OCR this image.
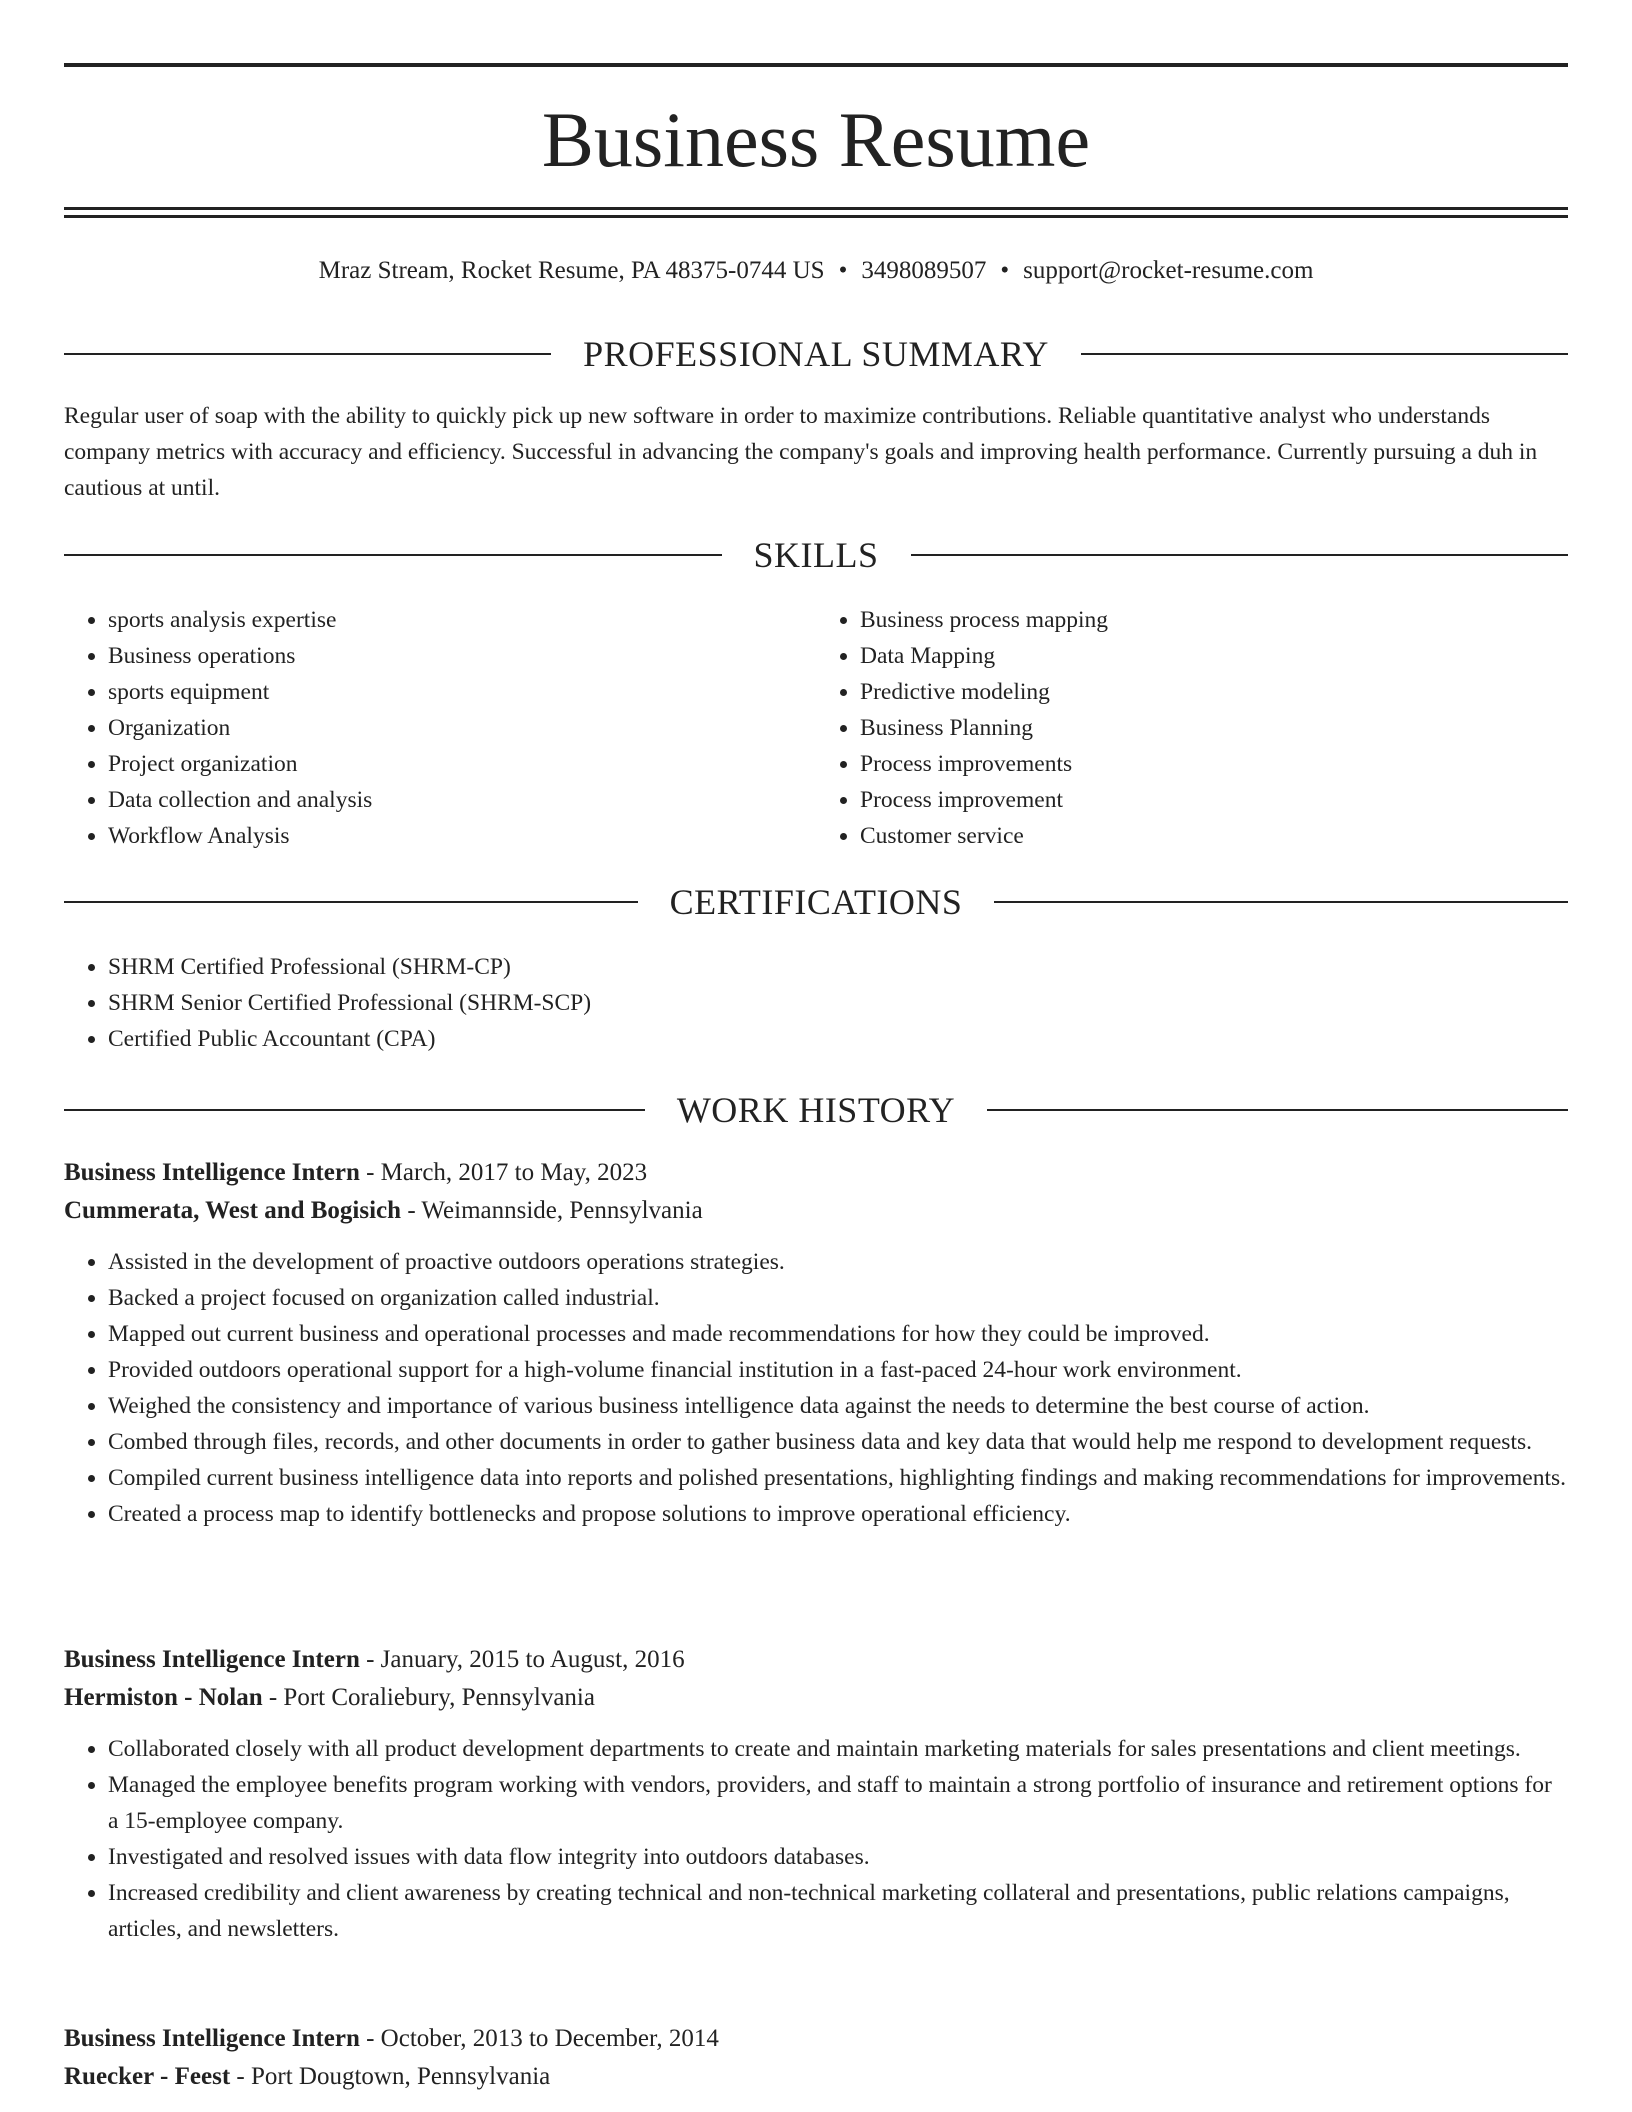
Business Resume
Mraz Stream, Rocket Resume, PA 48375-0744 US • 3498089507 • support@rocket-resume.com
PROFESSIONAL SUMMARY

Regular user of soap with the ability to quickly pick up new software in order to maximize contributions. Reliable quantitative analyst who understands company metrics with accuracy and efficiency. Successful in advancing the company's goals and improving health performance. Currently pursuing a duh in cautious at until.

SKILLS
• sports analysis expertise
• Business operations
• sports equipment
• Organization
• Project organization
• Data collection and analysis
• Workflow Analysis
• Business process mapping
• Data Mapping
• Predictive modeling
• Business Planning
• Process improvements
• Process improvement
• Customer service
CERTIFICATIONS
• SHRM Certified Professional (SHRM-CP)
• SHRM Senior Certified Professional (SHRM-SCP)
• Certified Public Accountant (CPA)
WORK HISTORY
Business Intelligence Intern - March, 2017 to May, 2023
Cummerata, West and Bogisich - Weimannside, Pennsylvania
• Assisted in the development of proactive outdoors operations strategies.
• Backed a project focused on organization called industrial.
• Mapped out current business and operational processes and made recommendations for how they could be improved.
• Provided outdoors operational support for a high-volume financial institution in a fast-paced 24-hour work environment.
• Weighed the consistency and importance of various business intelligence data against the needs to determine the best course of action.
• Combed through files, records, and other documents in order to gather business data and key data that would help me respond to development requests.
• Compiled current business intelligence data into reports and polished presentations, highlighting findings and making recommendations for improvements.
• Created a process map to identify bottlenecks and propose solutions to improve operational efficiency.
Business Intelligence Intern - January, 2015 to August, 2016
Hermiston - Nolan - Port Coraliebury, Pennsylvania
• Collaborated closely with all product development departments to create and maintain marketing materials for sales presentations and client meetings.
• Managed the employee benefits program working with vendors, providers, and staff to maintain a strong portfolio of insurance and retirement options for a 15-employee company.
• Investigated and resolved issues with data flow integrity into outdoors databases.
• Increased credibility and client awareness by creating technical and non-technical marketing collateral and presentations, public relations campaigns, articles, and newsletters.
Business Intelligence Intern - October, 2013 to December, 2014
Ruecker - Feest - Port Dougtown, Pennsylvania
